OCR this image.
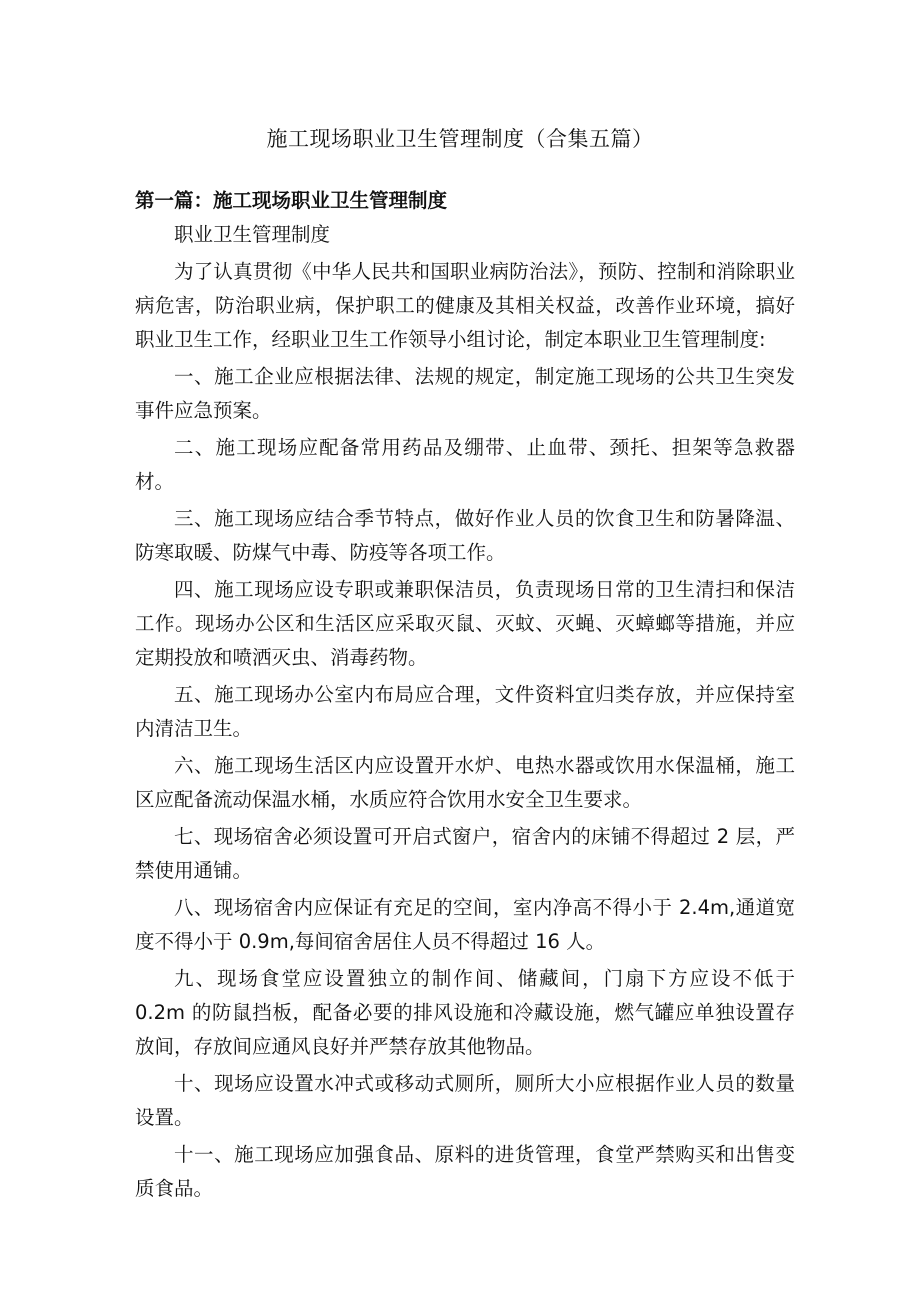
施工现场职业卫生管理制度（合集五篇）

第一篇：施工现场职业卫生管理制度

职业卫生管理制度

为了认真贯彻《中华人民共和国职业病防治法》，预防、控制和消除职业病危害，防治职业病，保护职工的健康及其相关权益，改善作业环境，搞好职业卫生工作，经职业卫生工作领导小组讨论，制定本职业卫生管理制度:

一、施工企业应根据法律、法规的规定，制定施工现场的公共卫生突发事件应急预案。

二、施工现场应配备常用药品及绷带、止血带、颈托、担架等急救器材。

三、施工现场应结合季节特点，做好作业人员的饮食卫生和防暑降温、防寒取暖、防煤气中毒、防疫等各项工作。

四、施工现场应设专职或兼职保洁员，负责现场日常的卫生清扫和保洁工作。现场办公区和生活区应采取灭鼠、灭蚊、灭蝇、灭蟑螂等措施，并应定期投放和喷洒灭虫、消毒药物。

五、施工现场办公室内布局应合理，文件资料宜归类存放，并应保持室内清洁卫生。

六、施工现场生活区内应设置开水炉、电热水器或饮用水保温桶，施工区应配备流动保温水桶，水质应符合饮用水安全卫生要求。

七、现场宿舍必须设置可开启式窗户，宿舍内的床铺不得超过 2 层，严禁使用通铺。

八、现场宿舍内应保证有充足的空间，室内净高不得小于 2.4m,通道宽度不得小于 0.9m,每间宿舍居住人员不得超过 16 人。

九、现场食堂应设置独立的制作间、储藏间，门扇下方应设不低于 0.2m 的防鼠挡板，配备必要的排风设施和冷藏设施，燃气罐应单独设置存放间，存放间应通风良好并严禁存放其他物品。

十、现场应设置水冲式或移动式厕所，厕所大小应根据作业人员的数量设置。

十一、施工现场应加强食品、原料的进货管理，食堂严禁购买和出售变质食品。
